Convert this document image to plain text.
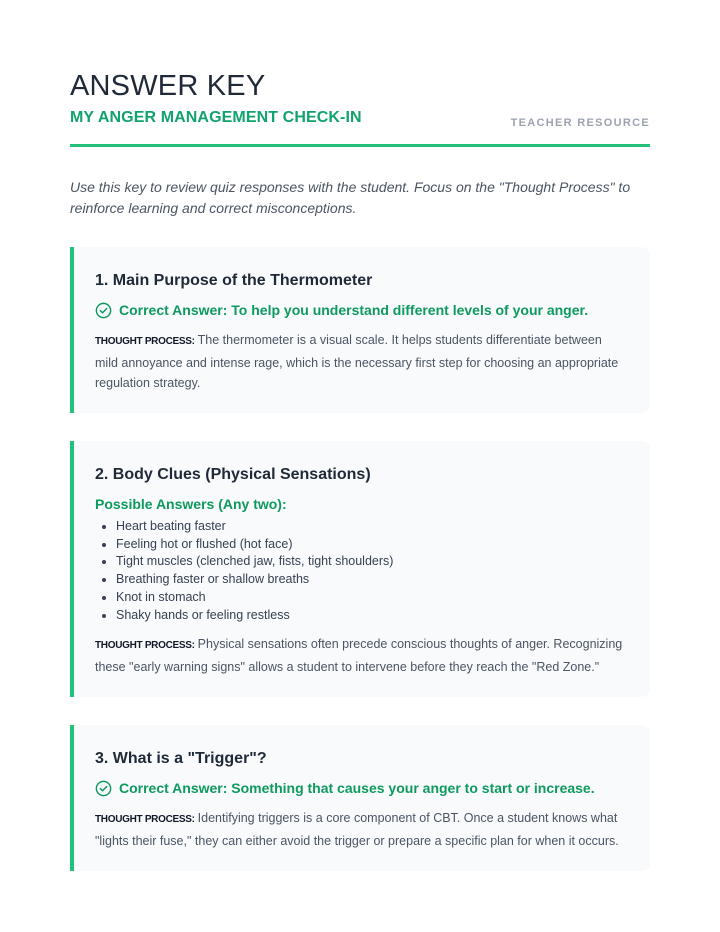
ANSWER KEY
MY ANGER MANAGEMENT CHECK-IN	TEACHER RESOURCE

Use this key to review quiz responses with the student. Focus on the "Thought Process" to reinforce learning and correct misconceptions.

1. Main Purpose of the Thermometer
Correct Answer: To help you understand different levels of your anger.

THOUGHT PROCESS: The thermometer is a visual scale. It helps students differentiate between mild annoyance and intense rage, which is the necessary first step for choosing an appropriate regulation strategy.

2. Body Clues (Physical Sensations)

Possible Answers (Any two):

Heart beating faster
Feeling hot or flushed (hot face)
Tight muscles (clenched jaw, fists, tight shoulders)
Breathing faster or shallow breaths
Knot in stomach
Shaky hands or feeling restless

THOUGHT PROCESS: Physical sensations often precede conscious thoughts of anger. Recognizing these "early warning signs" allows a student to intervene before they reach the "Red Zone."

3. What is a "Trigger"?
Correct Answer: Something that causes your anger to start or increase.

THOUGHT PROCESS: Identifying triggers is a core component of CBT. Once a student knows what "lights their fuse," they can either avoid the trigger or prepare a specific plan for when it occurs.
